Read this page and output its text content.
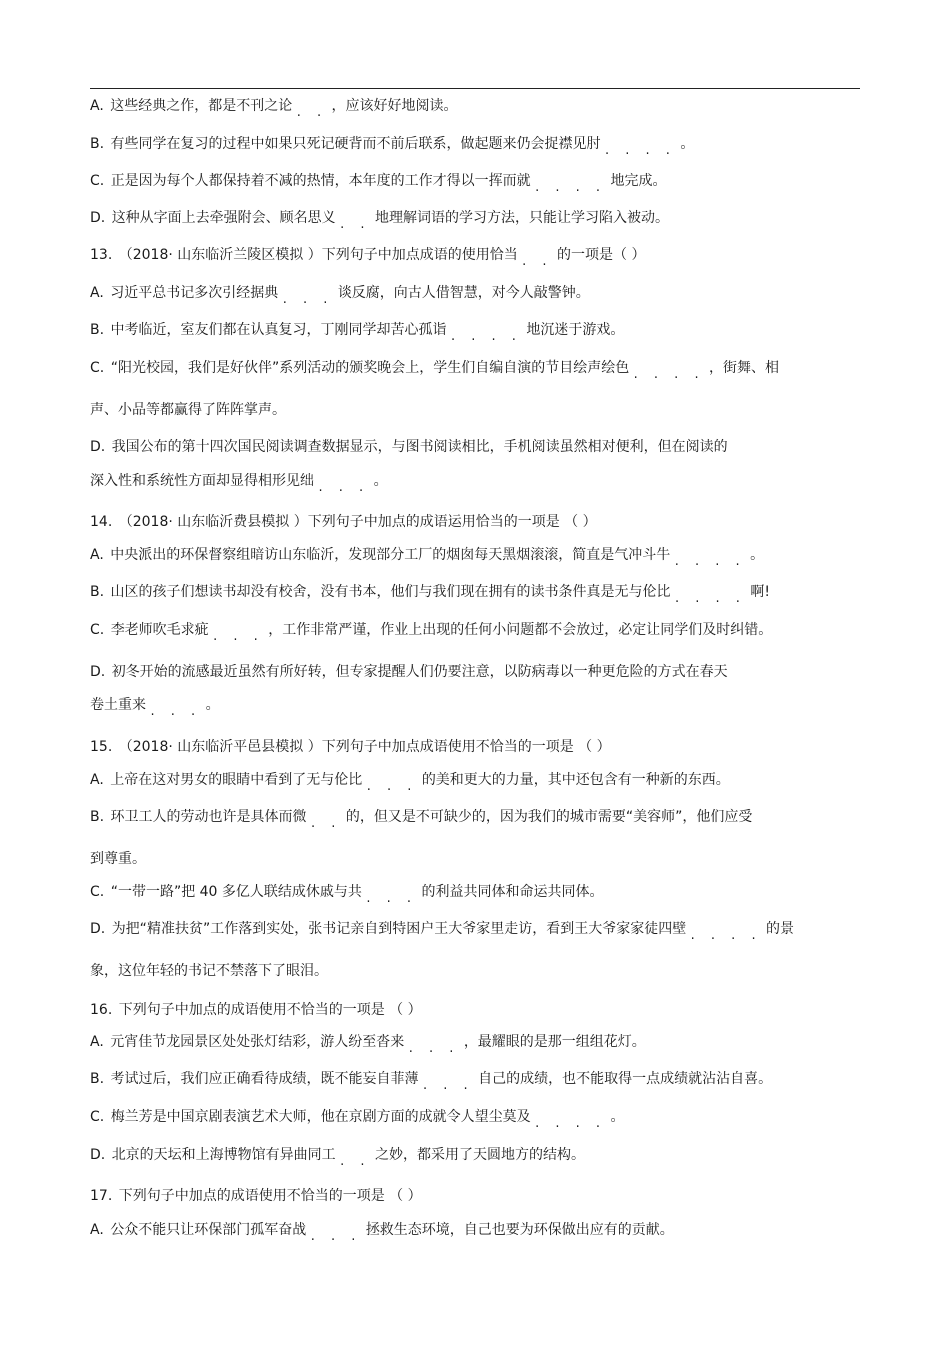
A. 这些经典之作，都是不刊之论 . . ，应该好好地阅读。
B. 有些同学在复习的过程中如果只死记硬背而不前后联系，做起题来仍会捉襟见肘 . . . . 。
C. 正是因为每个人都保持着不减的热情，本年度的工作才得以一挥而就 . . . . 地完成。
D. 这种从字面上去牵强附会、顾名思义 . . 地理解词语的学习方法，只能让学习陷入被动。
13. （2018· 山东临沂兰陵区模拟 ）下列句子中加点成语的使用恰当 . . 的一项是（ ）
A. 习近平总书记多次引经据典 . . . 谈反腐，向古人借智慧，对今人敲警钟。
B. 中考临近，室友们都在认真复习，丁刚同学却苦心孤诣 . . . . 地沉迷于游戏。
C. “阳光校园，我们是好伙伴”系列活动的颁奖晚会上，学生们自编自演的节目绘声绘色 . . . . ，街舞、相
声、小品等都赢得了阵阵掌声。
D. 我国公布的第十四次国民阅读调查数据显示，与图书阅读相比，手机阅读虽然相对便利，但在阅读的
深入性和系统性方面却显得相形见绌 . . . 。
14. （2018· 山东临沂费县模拟 ）下列句子中加点的成语运用恰当的一项是 （ ）
A. 中央派出的环保督察组暗访山东临沂，发现部分工厂的烟囱每天黑烟滚滚，简直是气冲斗牛 . . . . 。
B. 山区的孩子们想读书却没有校舍，没有书本，他们与我们现在拥有的读书条件真是无与伦比 . . . . 啊!
C. 李老师吹毛求疵 . . . ，工作非常严谨，作业上出现的任何小问题都不会放过，必定让同学们及时纠错。
D. 初冬开始的流感最近虽然有所好转，但专家提醒人们仍要注意，以防病毒以一种更危险的方式在春天
卷土重来 . . . 。
15. （2018· 山东临沂平邑县模拟 ）下列句子中加点成语使用不恰当的一项是 （ ）
A. 上帝在这对男女的眼睛中看到了无与伦比 . . . 的美和更大的力量，其中还包含有一种新的东西。
B. 环卫工人的劳动也许是具体而微 . . 的，但又是不可缺少的，因为我们的城市需要“美容师”，他们应受
到尊重。
C. “一带一路”把 40 多亿人联结成休戚与共 . . . 的利益共同体和命运共同体。
D. 为把“精准扶贫”工作落到实处，张书记亲自到特困户王大爷家里走访，看到王大爷家家徒四壁 . . . . 的景
象，这位年轻的书记不禁落下了眼泪。
16. 下列句子中加点的成语使用不恰当的一项是 （ ）
A. 元宵佳节龙园景区处处张灯结彩，游人纷至沓来 . . . ，最耀眼的是那一组组花灯。
B. 考试过后，我们应正确看待成绩，既不能妄自菲薄 . . . 自己的成绩，也不能取得一点成绩就沾沾自喜。
C. 梅兰芳是中国京剧表演艺术大师，他在京剧方面的成就令人望尘莫及 . . . . 。
D. 北京的天坛和上海博物馆有异曲同工 . . 之妙，都采用了天圆地方的结构。
17. 下列句子中加点的成语使用不恰当的一项是 （ ）
A. 公众不能只让环保部门孤军奋战 . . . 拯救生态环境，自己也要为环保做出应有的贡献。
